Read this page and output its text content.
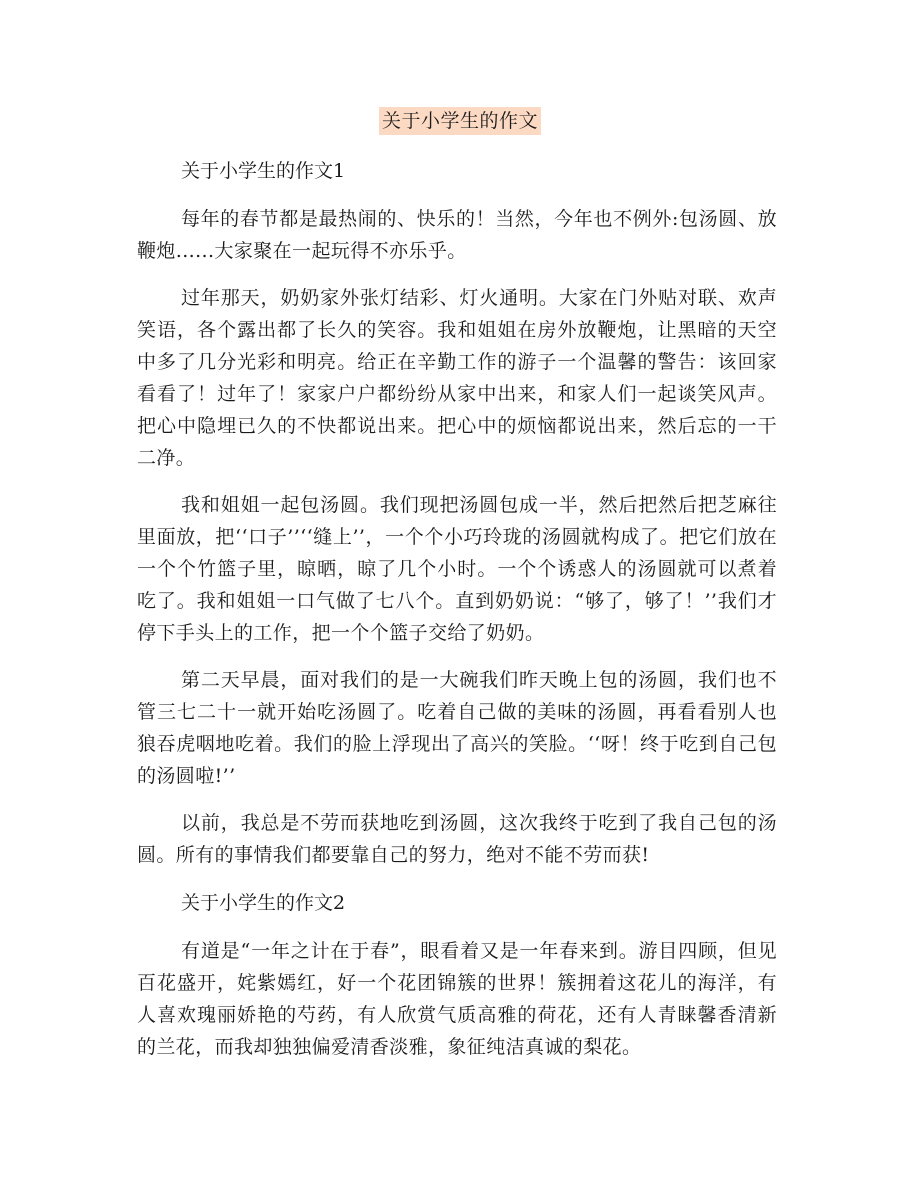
关于小学生的作文

关于小学生的作文1

每年的春节都是最热闹的、快乐的！当然，今年也不例外:包汤圆、放鞭炮......大家聚在一起玩得不亦乐乎。

过年那天，奶奶家外张灯结彩、灯火通明。大家在门外贴对联、欢声笑语，各个露出都了长久的笑容。我和姐姐在房外放鞭炮，让黑暗的天空中多了几分光彩和明亮。给正在辛勤工作的游子一个温馨的警告：该回家看看了！过年了！家家户户都纷纷从家中出来，和家人们一起谈笑风声。把心中隐埋已久的不快都说出来。把心中的烦恼都说出来，然后忘的一干二净。

我和姐姐一起包汤圆。我们现把汤圆包成一半，然后把然后把芝麻往里面放，把‘‘口子’’‘‘缝上’’，一个个小巧玲珑的汤圆就构成了。把它们放在一个个竹篮子里，晾晒，晾了几个小时。一个个诱惑人的汤圆就可以煮着吃了。我和姐姐一口气做了七八个。直到奶奶说：“够了，够了！’’我们才停下手头上的工作，把一个个篮子交给了奶奶。

第二天早晨，面对我们的是一大碗我们昨天晚上包的汤圆，我们也不管三七二十一就开始吃汤圆了。吃着自己做的美味的汤圆，再看看别人也狼吞虎咽地吃着。我们的脸上浮现出了高兴的笑脸。‘‘呀！终于吃到自己包的汤圆啦!’’

以前，我总是不劳而获地吃到汤圆，这次我终于吃到了我自己包的汤圆。所有的事情我们都要靠自己的努力，绝对不能不劳而获!

关于小学生的作文2

有道是“一年之计在于春”，眼看着又是一年春来到。游目四顾，但见百花盛开，姹紫嫣红，好一个花团锦簇的世界！簇拥着这花儿的海洋，有人喜欢瑰丽娇艳的芍药，有人欣赏气质高雅的荷花，还有人青睐馨香清新的兰花，而我却独独偏爱清香淡雅，象征纯洁真诚的梨花。
